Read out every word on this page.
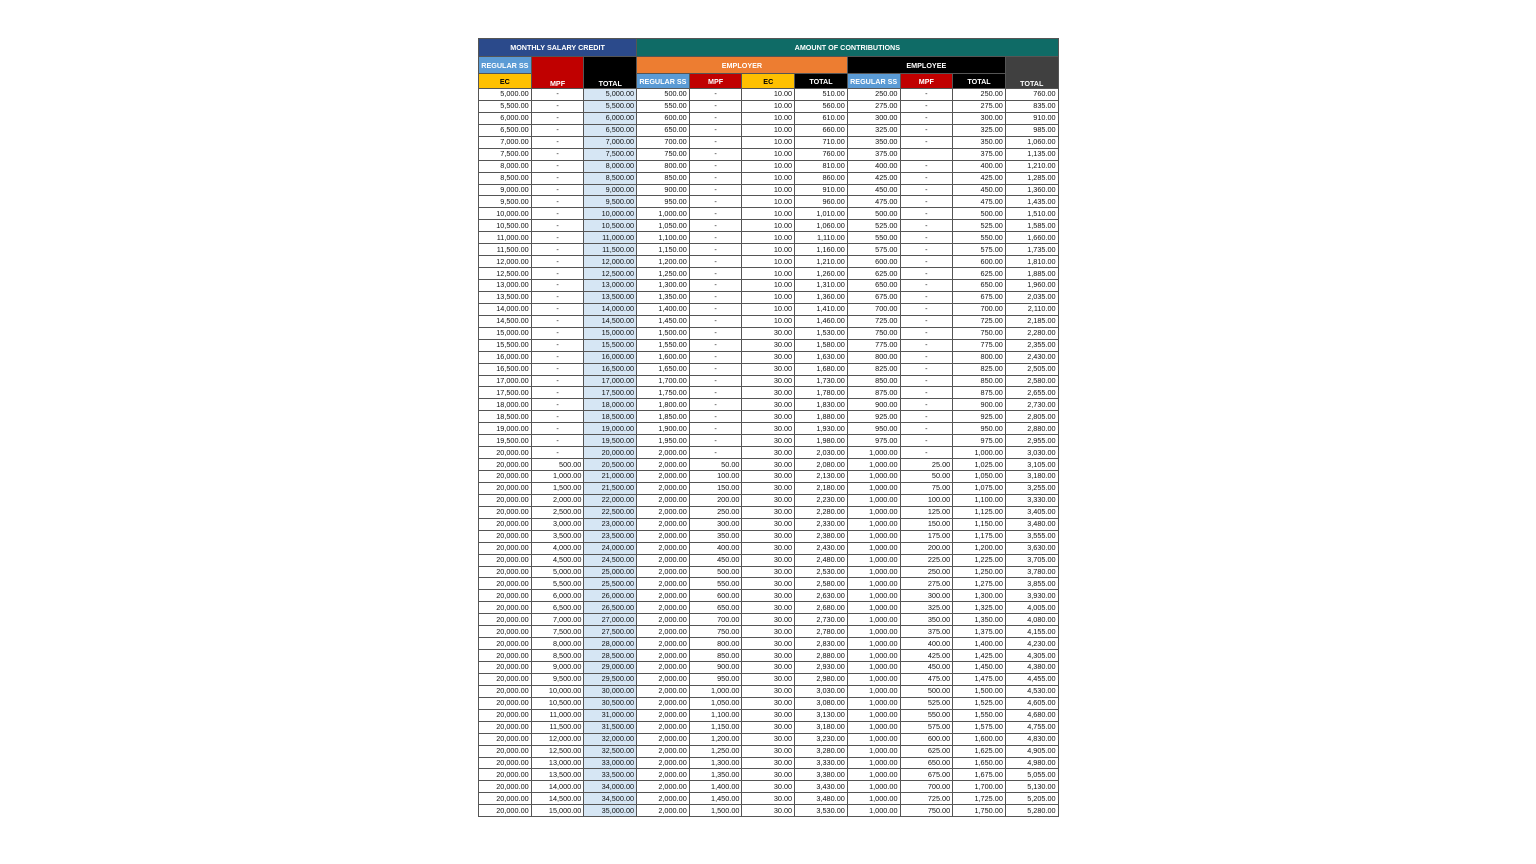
MONTHLY SALARY CREDIT			AMOUNT OF CONTRIBUTIONS							
REGULAR SS	MPF	TOTAL	EMPLOYER				EMPLOYEE			TOTAL
EC			REGULAR SS	MPF	EC	TOTAL	REGULAR SS	MPF	TOTAL	
5,000.00	-	5,000.00	500.00	-	10.00	510.00	250.00	-	250.00	760.00
5,500.00	-	5,500.00	550.00	-	10.00	560.00	275.00	-	275.00	835.00
6,000.00	-	6,000.00	600.00	-	10.00	610.00	300.00	-	300.00	910.00
6,500.00	-	6,500.00	650.00	-	10.00	660.00	325.00	-	325.00	985.00
7,000.00	-	7,000.00	700.00	-	10.00	710.00	350.00	-	350.00	1,060.00
7,500.00	-	7,500.00	750.00	-	10.00	760.00	375.00		375.00	1,135.00
8,000.00	-	8,000.00	800.00	-	10.00	810.00	400.00	-	400.00	1,210.00
8,500.00	-	8,500.00	850.00	-	10.00	860.00	425.00	-	425.00	1,285.00
9,000.00	-	9,000.00	900.00	-	10.00	910.00	450.00	-	450.00	1,360.00
9,500.00	-	9,500.00	950.00	-	10.00	960.00	475.00	-	475.00	1,435.00
10,000.00	-	10,000.00	1,000.00	-	10.00	1,010.00	500.00	-	500.00	1,510.00
10,500.00	-	10,500.00	1,050.00	-	10.00	1,060.00	525.00	-	525.00	1,585.00
11,000.00	-	11,000.00	1,100.00	-	10.00	1,110.00	550.00	-	550.00	1,660.00
11,500.00	-	11,500.00	1,150.00	-	10.00	1,160.00	575.00	-	575.00	1,735.00
12,000.00	-	12,000.00	1,200.00	-	10.00	1,210.00	600.00	-	600.00	1,810.00
12,500.00	-	12,500.00	1,250.00	-	10.00	1,260.00	625.00	-	625.00	1,885.00
13,000.00	-	13,000.00	1,300.00	-	10.00	1,310.00	650.00	-	650.00	1,960.00
13,500.00	-	13,500.00	1,350.00	-	10.00	1,360.00	675.00	-	675.00	2,035.00
14,000.00	-	14,000.00	1,400.00	-	10.00	1,410.00	700.00	-	700.00	2,110.00
14,500.00	-	14,500.00	1,450.00	-	10.00	1,460.00	725.00	-	725.00	2,185.00
15,000.00	-	15,000.00	1,500.00	-	30.00	1,530.00	750.00	-	750.00	2,280.00
15,500.00	-	15,500.00	1,550.00	-	30.00	1,580.00	775.00	-	775.00	2,355.00
16,000.00	-	16,000.00	1,600.00	-	30.00	1,630.00	800.00	-	800.00	2,430.00
16,500.00	-	16,500.00	1,650.00	-	30.00	1,680.00	825.00	-	825.00	2,505.00
17,000.00	-	17,000.00	1,700.00	-	30.00	1,730.00	850.00	-	850.00	2,580.00
17,500.00	-	17,500.00	1,750.00	-	30.00	1,780.00	875.00	-	875.00	2,655.00
18,000.00	-	18,000.00	1,800.00	-	30.00	1,830.00	900.00	-	900.00	2,730.00
18,500.00	-	18,500.00	1,850.00	-	30.00	1,880.00	925.00	-	925.00	2,805.00
19,000.00	-	19,000.00	1,900.00	-	30.00	1,930.00	950.00	-	950.00	2,880.00
19,500.00	-	19,500.00	1,950.00	-	30.00	1,980.00	975.00	-	975.00	2,955.00
20,000.00	-	20,000.00	2,000.00	-	30.00	2,030.00	1,000.00	-	1,000.00	3,030.00
20,000.00	500.00	20,500.00	2,000.00	50.00	30.00	2,080.00	1,000.00	25.00	1,025.00	3,105.00
20,000.00	1,000.00	21,000.00	2,000.00	100.00	30.00	2,130.00	1,000.00	50.00	1,050.00	3,180.00
20,000.00	1,500.00	21,500.00	2,000.00	150.00	30.00	2,180.00	1,000.00	75.00	1,075.00	3,255.00
20,000.00	2,000.00	22,000.00	2,000.00	200.00	30.00	2,230.00	1,000.00	100.00	1,100.00	3,330.00
20,000.00	2,500.00	22,500.00	2,000.00	250.00	30.00	2,280.00	1,000.00	125.00	1,125.00	3,405.00
20,000.00	3,000.00	23,000.00	2,000.00	300.00	30.00	2,330.00	1,000.00	150.00	1,150.00	3,480.00
20,000.00	3,500.00	23,500.00	2,000.00	350.00	30.00	2,380.00	1,000.00	175.00	1,175.00	3,555.00
20,000.00	4,000.00	24,000.00	2,000.00	400.00	30.00	2,430.00	1,000.00	200.00	1,200.00	3,630.00
20,000.00	4,500.00	24,500.00	2,000.00	450.00	30.00	2,480.00	1,000.00	225.00	1,225.00	3,705.00
20,000.00	5,000.00	25,000.00	2,000.00	500.00	30.00	2,530.00	1,000.00	250.00	1,250.00	3,780.00
20,000.00	5,500.00	25,500.00	2,000.00	550.00	30.00	2,580.00	1,000.00	275.00	1,275.00	3,855.00
20,000.00	6,000.00	26,000.00	2,000.00	600.00	30.00	2,630.00	1,000.00	300.00	1,300.00	3,930.00
20,000.00	6,500.00	26,500.00	2,000.00	650.00	30.00	2,680.00	1,000.00	325.00	1,325.00	4,005.00
20,000.00	7,000.00	27,000.00	2,000.00	700.00	30.00	2,730.00	1,000.00	350.00	1,350.00	4,080.00
20,000.00	7,500.00	27,500.00	2,000.00	750.00	30.00	2,780.00	1,000.00	375.00	1,375.00	4,155.00
20,000.00	8,000.00	28,000.00	2,000.00	800.00	30.00	2,830.00	1,000.00	400.00	1,400.00	4,230.00
20,000.00	8,500.00	28,500.00	2,000.00	850.00	30.00	2,880.00	1,000.00	425.00	1,425.00	4,305.00
20,000.00	9,000.00	29,000.00	2,000.00	900.00	30.00	2,930.00	1,000.00	450.00	1,450.00	4,380.00
20,000.00	9,500.00	29,500.00	2,000.00	950.00	30.00	2,980.00	1,000.00	475.00	1,475.00	4,455.00
20,000.00	10,000.00	30,000.00	2,000.00	1,000.00	30.00	3,030.00	1,000.00	500.00	1,500.00	4,530.00
20,000.00	10,500.00	30,500.00	2,000.00	1,050.00	30.00	3,080.00	1,000.00	525.00	1,525.00	4,605.00
20,000.00	11,000.00	31,000.00	2,000.00	1,100.00	30.00	3,130.00	1,000.00	550.00	1,550.00	4,680.00
20,000.00	11,500.00	31,500.00	2,000.00	1,150.00	30.00	3,180.00	1,000.00	575.00	1,575.00	4,755.00
20,000.00	12,000.00	32,000.00	2,000.00	1,200.00	30.00	3,230.00	1,000.00	600.00	1,600.00	4,830.00
20,000.00	12,500.00	32,500.00	2,000.00	1,250.00	30.00	3,280.00	1,000.00	625.00	1,625.00	4,905.00
20,000.00	13,000.00	33,000.00	2,000.00	1,300.00	30.00	3,330.00	1,000.00	650.00	1,650.00	4,980.00
20,000.00	13,500.00	33,500.00	2,000.00	1,350.00	30.00	3,380.00	1,000.00	675.00	1,675.00	5,055.00
20,000.00	14,000.00	34,000.00	2,000.00	1,400.00	30.00	3,430.00	1,000.00	700.00	1,700.00	5,130.00
20,000.00	14,500.00	34,500.00	2,000.00	1,450.00	30.00	3,480.00	1,000.00	725.00	1,725.00	5,205.00
20,000.00	15,000.00	35,000.00	2,000.00	1,500.00	30.00	3,530.00	1,000.00	750.00	1,750.00	5,280.00
